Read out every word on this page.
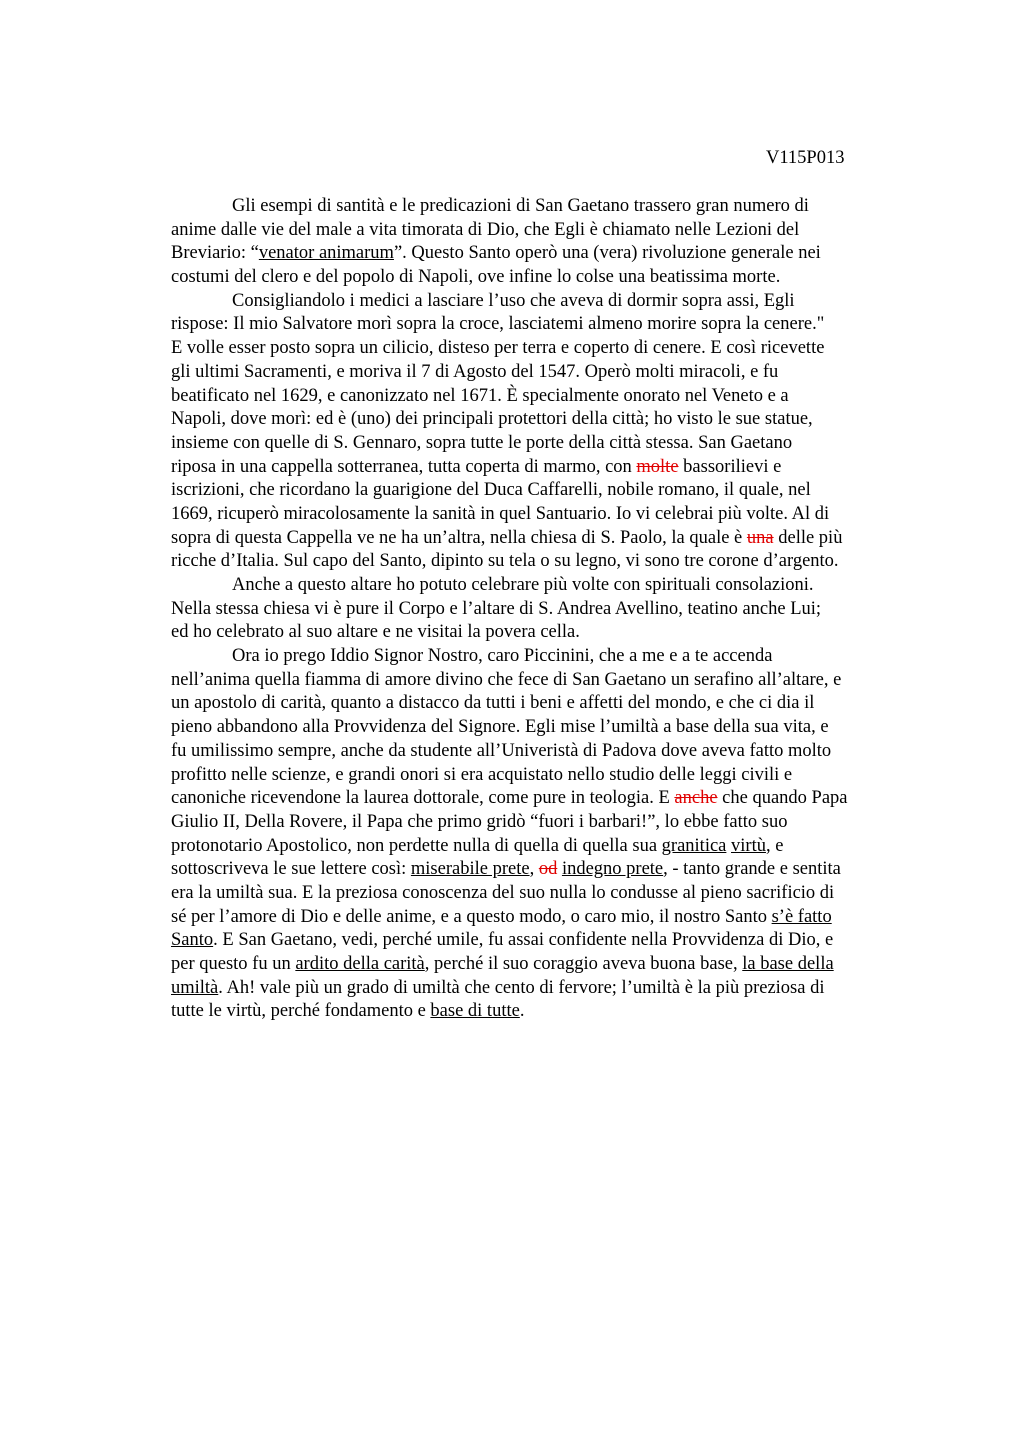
V115P013
Gli esempi di santità e le predicazioni di San Gaetano trassero gran numero di
anime dalle vie del male a vita timorata di Dio, che Egli è chiamato nelle Lezioni del
Breviario: “venator animarum”. Questo Santo operò una (vera) rivoluzione generale nei
costumi del clero e del popolo di Napoli, ove infine lo colse una beatissima morte.
Consigliandolo i medici a lasciare l’uso che aveva di dormir sopra assi, Egli
rispose: Il mio Salvatore morì sopra la croce, lasciatemi almeno morire sopra la cenere."
E volle esser posto sopra un cilicio, disteso per terra e coperto di cenere. E così ricevette
gli ultimi Sacramenti, e moriva il 7 di Agosto del 1547. Operò molti miracoli, e fu
beatificato nel 1629, e canonizzato nel 1671. È specialmente onorato nel Veneto e a
Napoli, dove morì: ed è (uno) dei principali protettori della città; ho visto le sue statue,
insieme con quelle di S. Gennaro, sopra tutte le porte della città stessa. San Gaetano
riposa in una cappella sotterranea, tutta coperta di marmo, con molte bassorilievi e
iscrizioni, che ricordano la guarigione del Duca Caffarelli, nobile romano, il quale, nel
1669, ricuperò miracolosamente la sanità in quel Santuario. Io vi celebrai più volte. Al di
sopra di questa Cappella ve ne ha un’altra, nella chiesa di S. Paolo, la quale è una delle più
ricche d’Italia. Sul capo del Santo, dipinto su tela o su legno, vi sono tre corone d’argento.
Anche a questo altare ho potuto celebrare più volte con spirituali consolazioni.
Nella stessa chiesa vi è pure il Corpo e l’altare di S. Andrea Avellino, teatino anche Lui;
ed ho celebrato al suo altare e ne visitai la povera cella.
Ora io prego Iddio Signor Nostro, caro Piccinini, che a me e a te accenda
nell’anima quella fiamma di amore divino che fece di San Gaetano un serafino all’altare, e
un apostolo di carità, quanto a distacco da tutti i beni e affetti del mondo, e che ci dia il
pieno abbandono alla Provvidenza del Signore. Egli mise l’umiltà a base della sua vita, e
fu umilissimo sempre, anche da studente all’Univeristà di Padova dove aveva fatto molto
profitto nelle scienze, e grandi onori si era acquistato nello studio delle leggi civili e
canoniche ricevendone la laurea dottorale, come pure in teologia. E anche che quando Papa
Giulio II, Della Rovere, il Papa che primo gridò “fuori i barbari!”, lo ebbe fatto suo
protonotario Apostolico, non perdette nulla di quella di quella sua granitica virtù, e
sottoscriveva le sue lettere così: miserabile prete, od indegno prete, - tanto grande e sentita
era la umiltà sua. E la preziosa conoscenza del suo nulla lo condusse al pieno sacrificio di
sé per l’amore di Dio e delle anime, e a questo modo, o caro mio, il nostro Santo s’è fatto
Santo. E San Gaetano, vedi, perché umile, fu assai confidente nella Provvidenza di Dio, e
per questo fu un ardito della carità, perché il suo coraggio aveva buona base, la base della
umiltà. Ah! vale più un grado di umiltà che cento di fervore; l’umiltà è la più preziosa di
tutte le virtù, perché fondamento e base di tutte.
